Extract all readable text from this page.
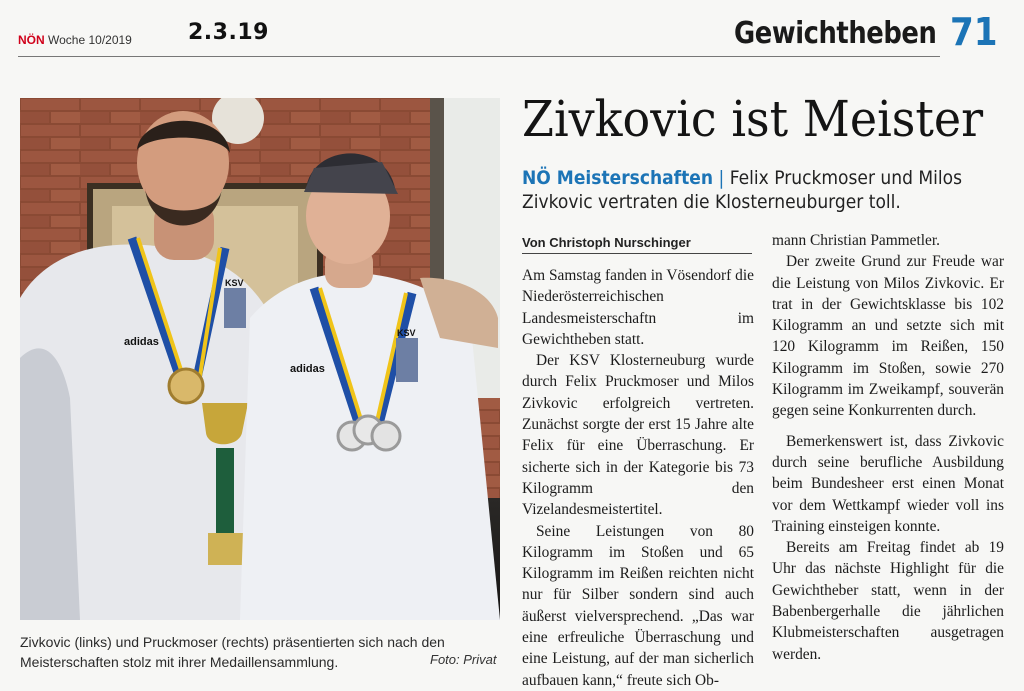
NÖN Woche 10/2019	2.3.19	Gewichtheben 71
adidas
KSV
adidas
KSV
Zivkovic (links) und Pruckmoser (rechts) präsentierten sich nach den Meisterschaften stolz mit ihrer Medaillensammlung.	Foto: Privat
Zivkovic ist Meister
NÖ Meisterschaften | Felix Pruckmoser und Milos Zivkovic vertraten die Klosterneuburger toll.
Von Christoph Nurschinger

Am Samstag fanden in Vösendorf die Niederösterreichischen Landesmeisterschaftn im Gewichtheben statt.

Der KSV Klosterneuburg wurde durch Felix Pruckmoser und Milos Zivkovic erfolgreich vertreten. Zunächst sorgte der erst 15 Jahre alte Felix für eine Überraschung. Er sicherte sich in der Kategorie bis 73 Kilogramm den Vizelandesmeistertitel.

Seine Leistungen von 80 Kilogramm im Stoßen und 65 Kilogramm im Reißen reichten nicht nur für Silber sondern sind auch äußerst vielversprechend. „Das war eine erfreuliche Überraschung und eine Leistung, auf der man sicherlich aufbauen kann,“ freute sich Ob-

mann Christian Pammetler.

Der zweite Grund zur Freude war die Leistung von Milos Zivkovic. Er trat in der Gewichtsklasse bis 102 Kilogramm an und setzte sich mit 120 Kilogramm im Reißen, 150 Kilogramm im Stoßen, sowie 270 Kilogramm im Zweikampf, souverän gegen seine Konkurrenten durch.

Bemerkenswert ist, dass Zivkovic durch seine berufliche Ausbildung beim Bundesheer erst einen Monat vor dem Wettkampf wieder voll ins Training einsteigen konnte.

Bereits am Freitag findet ab 19 Uhr das nächste Highlight für die Gewichtheber statt, wenn in der Babenbergerhalle die jährlichen Klubmeisterschaften ausgetragen werden.
